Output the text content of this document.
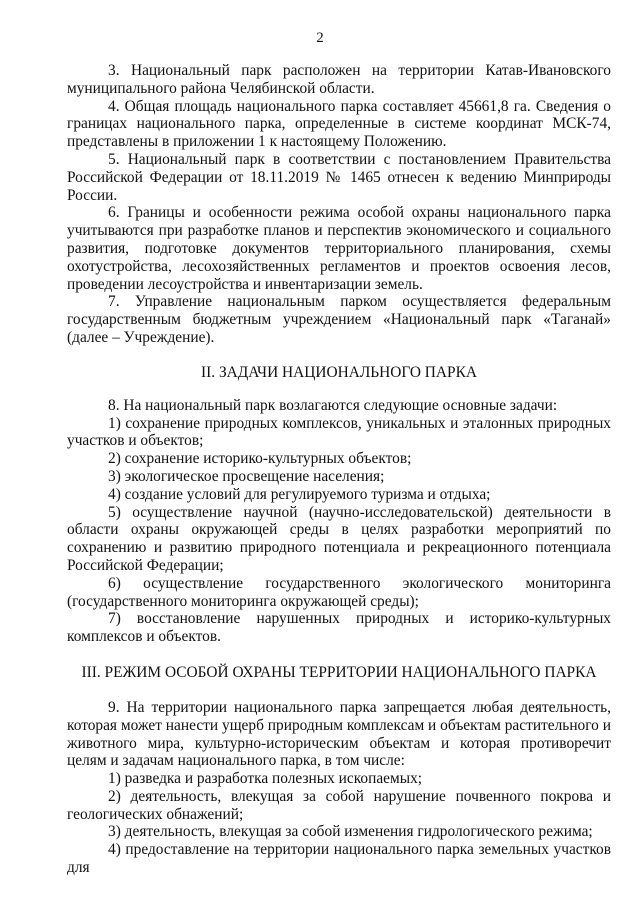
2

3. Национальный парк расположен на территории Катав-Ивановского муниципального района Челябинской области.

4. Общая площадь национального парка составляет 45661,8 га. Сведения о границах национального парка, определенные в системе координат МСК-74, представлены в приложении 1 к настоящему Положению.

5. Национальный парк в соответствии с постановлением Правительства Российской Федерации от 18.11.2019 № 1465 отнесен к ведению Минприроды России.

6. Границы и особенности режима особой охраны национального парка учитываются при разработке планов и перспектив экономического и социального развития, подготовке документов территориального планирования, схемы охотустройства, лесохозяйственных регламентов и проектов освоения лесов, проведении лесоустройства и инвентаризации земель.

7. Управление национальным парком осуществляется федеральным государственным бюджетным учреждением «Национальный парк «Таганай» (далее – Учреждение).

II. ЗАДАЧИ НАЦИОНАЛЬНОГО ПАРКА

8. На национальный парк возлагаются следующие основные задачи:

1) сохранение природных комплексов, уникальных и эталонных природных участков и объектов;

2) сохранение историко-культурных объектов;

3) экологическое просвещение населения;

4) создание условий для регулируемого туризма и отдыха;

5) осуществление научной (научно-исследовательской) деятельности в области охраны окружающей среды в целях разработки мероприятий по сохранению и развитию природного потенциала и рекреационного потенциала Российской Федерации;

6) осуществление государственного экологического мониторинга (государственного мониторинга окружающей среды);

7) восстановление нарушенных природных и историко-культурных комплексов и объектов.

III. РЕЖИМ ОСОБОЙ ОХРАНЫ ТЕРРИТОРИИ НАЦИОНАЛЬНОГО ПАРКА

9. На территории национального парка запрещается любая деятельность, которая может нанести ущерб природным комплексам и объектам растительного и животного мира, культурно-историческим объектам и которая противоречит целям и задачам национального парка, в том числе:

1) разведка и разработка полезных ископаемых;

2) деятельность, влекущая за собой нарушение почвенного покрова и геологических обнажений;

3) деятельность, влекущая за собой изменения гидрологического режима;

4) предоставление на территории национального парка земельных участков для
